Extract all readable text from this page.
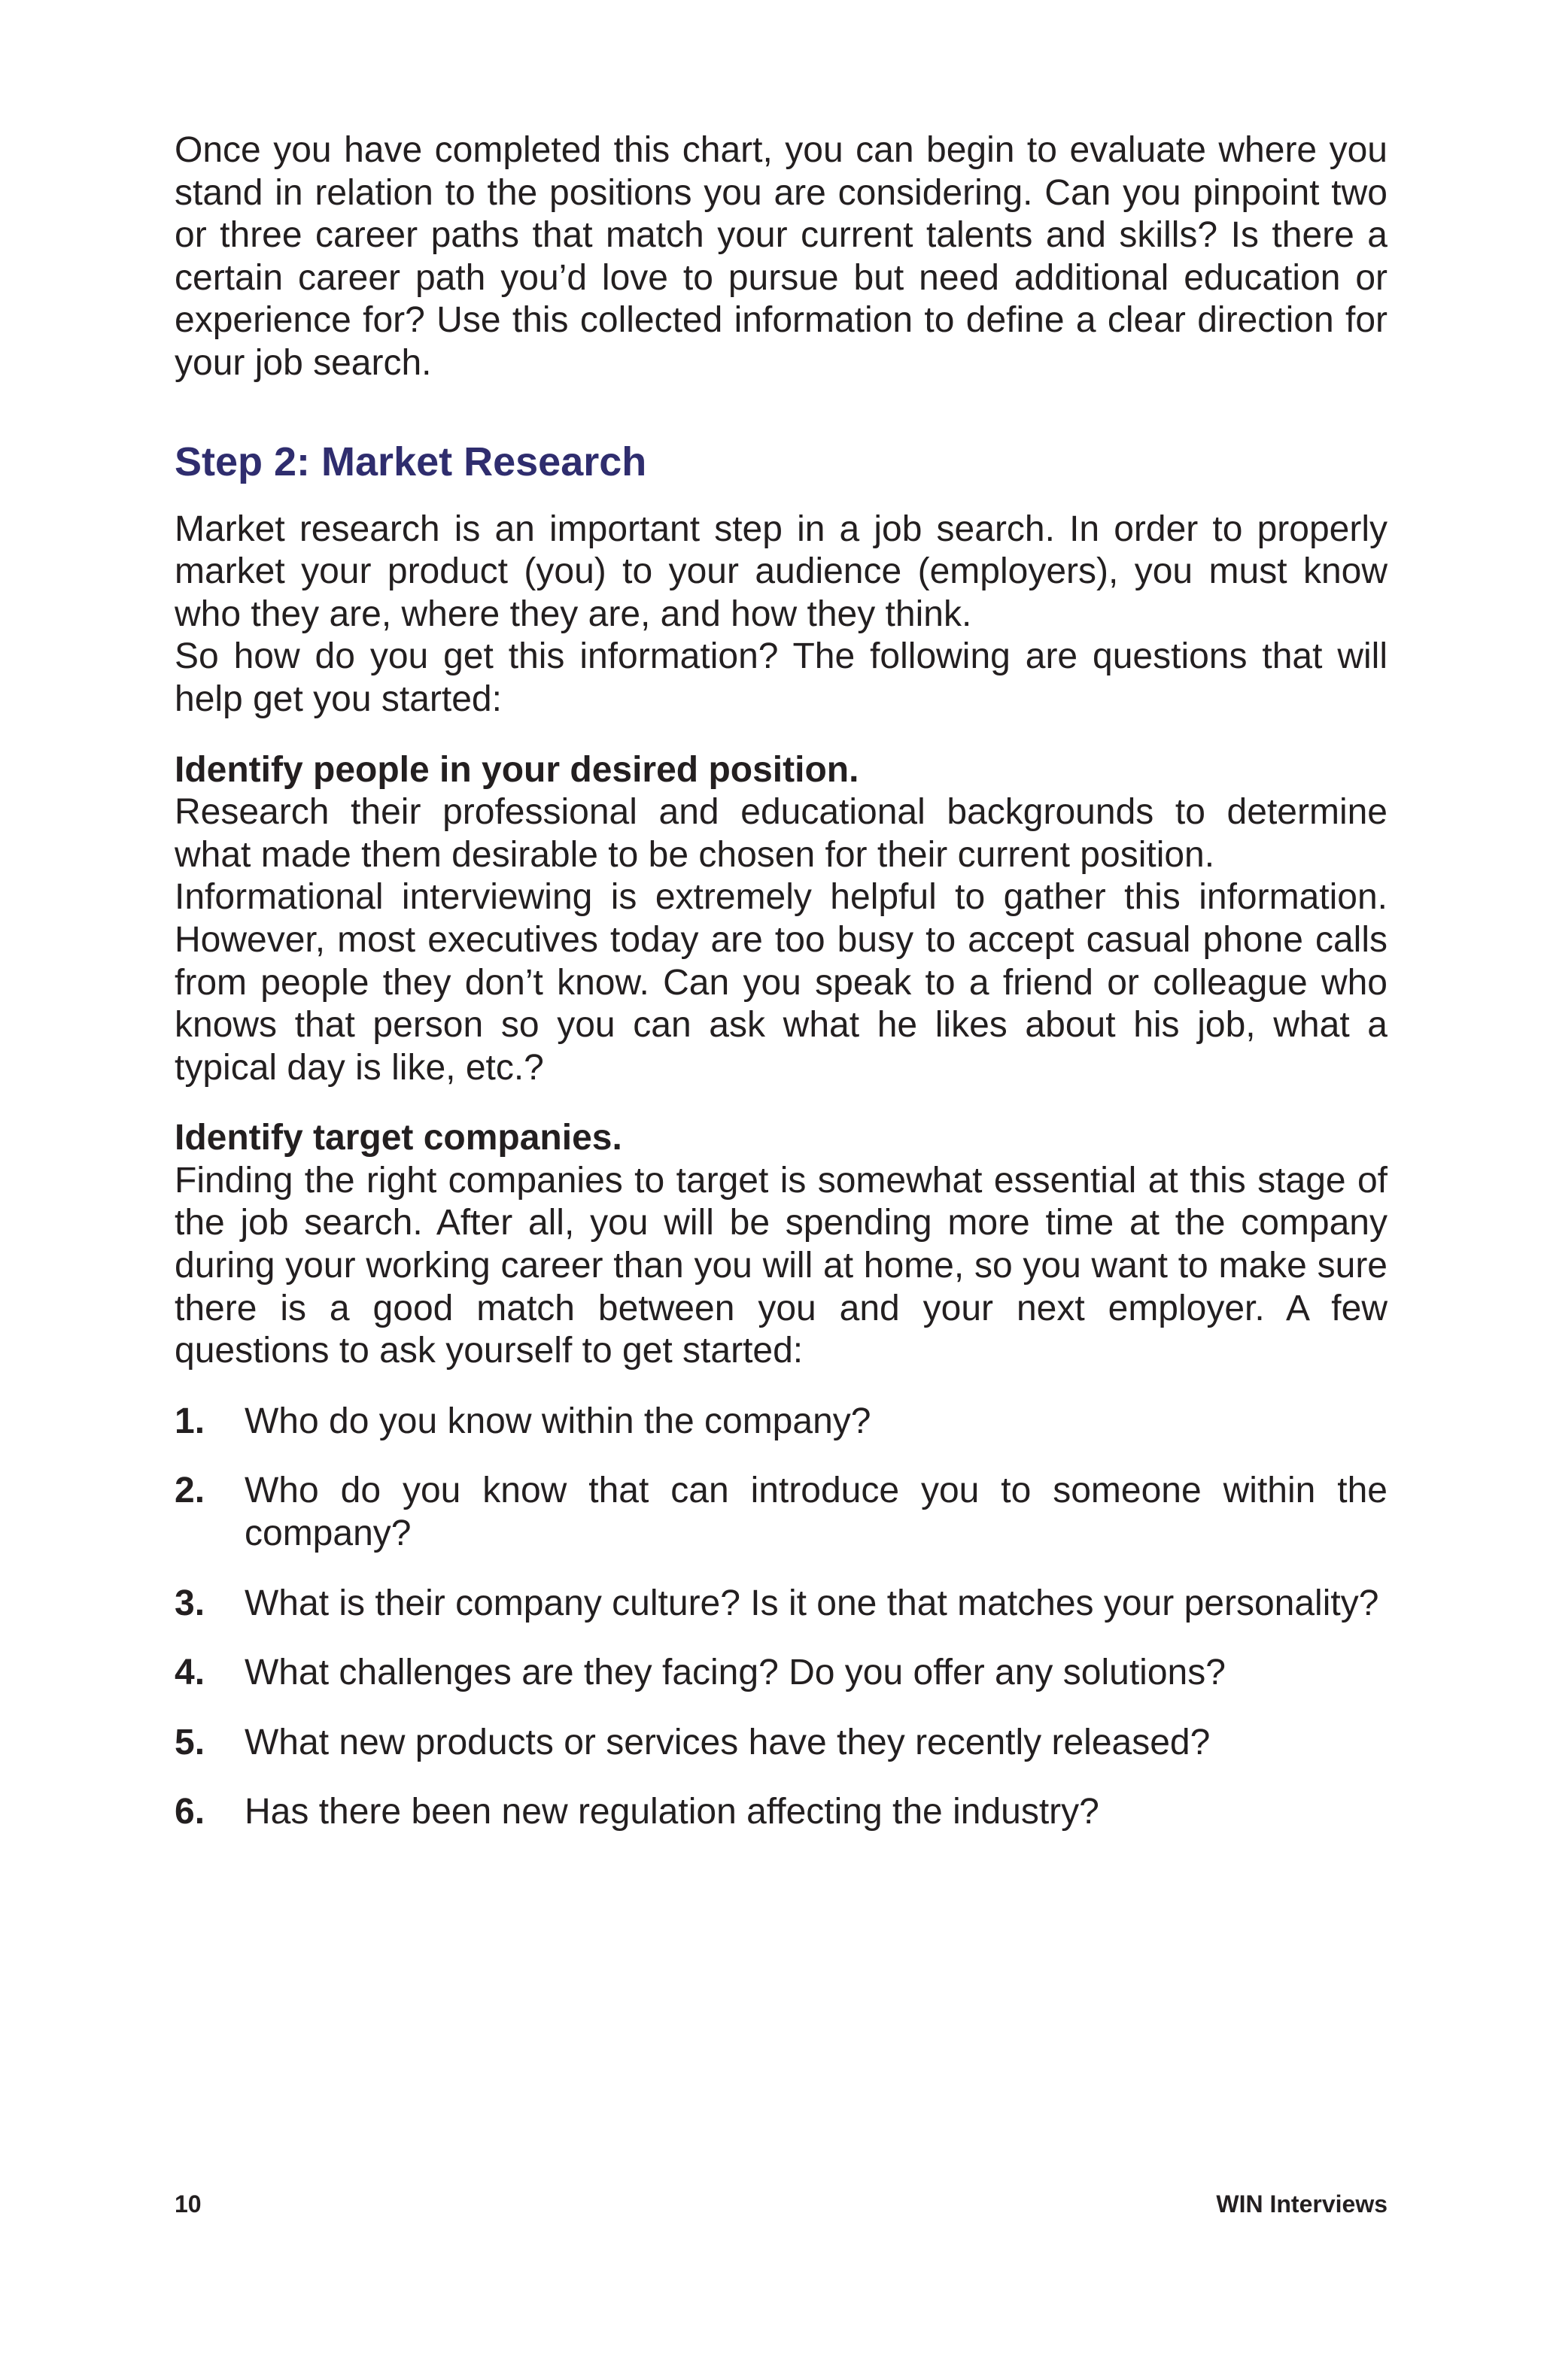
Once you have completed this chart, you can begin to evaluate where you stand in relation to the positions you are considering. Can you pinpoint two or three career paths that match your current talents and skills? Is there a certain career path you’d love to pursue but need additional education or experience for? Use this collected information to define a clear direction for your job search.

Step 2: Market Research

Market research is an important step in a job search. In order to properly market your product (you) to your audience (employers), you must know who they are, where they are, and how they think.

So how do you get this information? The following are questions that will help get you started:

Identify people in your desired position.

Research their professional and educational backgrounds to determine what made them desirable to be chosen for their current position.

Informational interviewing is extremely helpful to gather this information. However, most executives today are too busy to accept casual phone calls from people they don’t know. Can you speak to a friend or colleague who knows that person so you can ask what he likes about his job, what a typical day is like, etc.?

Identify target companies.

Finding the right companies to target is somewhat essential at this stage of the job search. After all, you will be spending more time at the company during your working career than you will at home, so you want to make sure there is a good match between you and your next employer. A few questions to ask yourself to get started:

1.	Who do you know within the company?
2.	Who do you know that can introduce you to someone within the company?
3.	What is their company culture? Is it one that matches your personality?
4.	What challenges are they facing? Do you offer any solutions?
5.	What new products or services have they recently released?
6.	Has there been new regulation affecting the industry?
10	WIN Interviews
